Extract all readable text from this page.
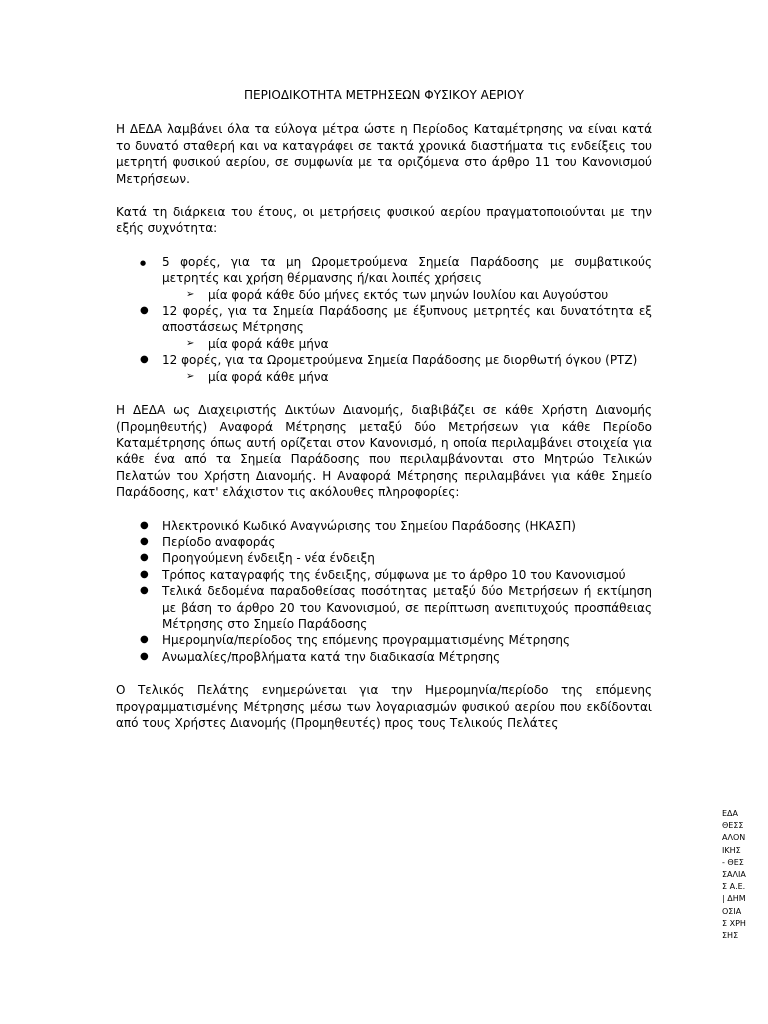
ΠΕΡΙΟΔΙΚΟΤΗΤΑ ΜΕΤΡΗΣΕΩΝ ΦΥΣΙΚΟΥ ΑΕΡΙΟΥ

Η ΔΕΔΑ λαμβάνει όλα τα εύλογα μέτρα ώστε η Περίοδος Καταμέτρησης να είναι κατά το δυνατό σταθερή και να καταγράφει σε τακτά χρονικά διαστήματα τις ενδείξεις του μετρητή φυσικού αερίου, σε συμφωνία με τα οριζόμενα στο άρθρο 11 του Κανονισμού Μετρήσεων.

Κατά τη διάρκεια του έτους, οι μετρήσεις φυσικού αερίου πραγματοποιούνται με την εξής συχνότητα:

● 5 φορές, για τα μη Ωρομετρούμενα Σημεία Παράδοσης με συμβατικούς μετρητές και χρήση θέρμανσης ή/και λοιπές χρήσεις
➢ μία φορά κάθε δύο μήνες εκτός των μηνών Ιουλίου και Αυγούστου
● 12 φορές, για τα Σημεία Παράδοσης με έξυπνους μετρητές και δυνατότητα εξ αποστάσεως Μέτρησης
➢ μία φορά κάθε μήνα
● 12 φορές, για τα Ωρομετρούμενα Σημεία Παράδοσης με διορθωτή όγκου (PTZ)
➢ μία φορά κάθε μήνα

Η ΔΕΔΑ ως Διαχειριστής Δικτύων Διανομής, διαβιβάζει σε κάθε Χρήστη Διανομής (Προμηθευτής) Αναφορά Μέτρησης μεταξύ δύο Μετρήσεων για κάθε Περίοδο Καταμέτρησης όπως αυτή ορίζεται στον Κανονισμό, η οποία περιλαμβάνει στοιχεία για κάθε ένα από τα Σημεία Παράδοσης που περιλαμβάνονται στο Μητρώο Τελικών Πελατών του Χρήστη Διανομής. Η Αναφορά Μέτρησης περιλαμβάνει για κάθε Σημείο Παράδοσης, κατ' ελάχιστον τις ακόλουθες πληροφορίες:

● Ηλεκτρονικό Κωδικό Αναγνώρισης του Σημείου Παράδοσης (ΗΚΑΣΠ)
● Περίοδο αναφοράς
● Προηγούμενη ένδειξη - νέα ένδειξη
● Τρόπος καταγραφής της ένδειξης, σύμφωνα με το άρθρο 10 του Κανονισμού
● Τελικά δεδομένα παραδοθείσας ποσότητας μεταξύ δύο Μετρήσεων ή εκτίμηση με βάση το άρθρο 20 του Κανονισμού, σε περίπτωση ανεπιτυχούς προσπάθειας Μέτρησης στο Σημείο Παράδοσης
● Ημερομηνία/περίοδος της επόμενης προγραμματισμένης Μέτρησης
● Ανωμαλίες/προβλήματα κατά την διαδικασία Μέτρησης

Ο Τελικός Πελάτης ενημερώνεται για την Ημερομηνία/περίοδο της επόμενης προγραμματισμένης Μέτρησης μέσω των λογαριασμών φυσικού αερίου που εκδίδονται από τους Χρήστες Διανομής (Προμηθευτές) προς τους Τελικούς Πελάτες

ΕΔΑ ΘΕΣΣΑΛΟΝΙΚΗΣ - ΘΕΣΣΑΛΙΑΣ Α.Ε. | ΔΗΜΟΣΙΑΣ ΧΡΗΣΗΣ
